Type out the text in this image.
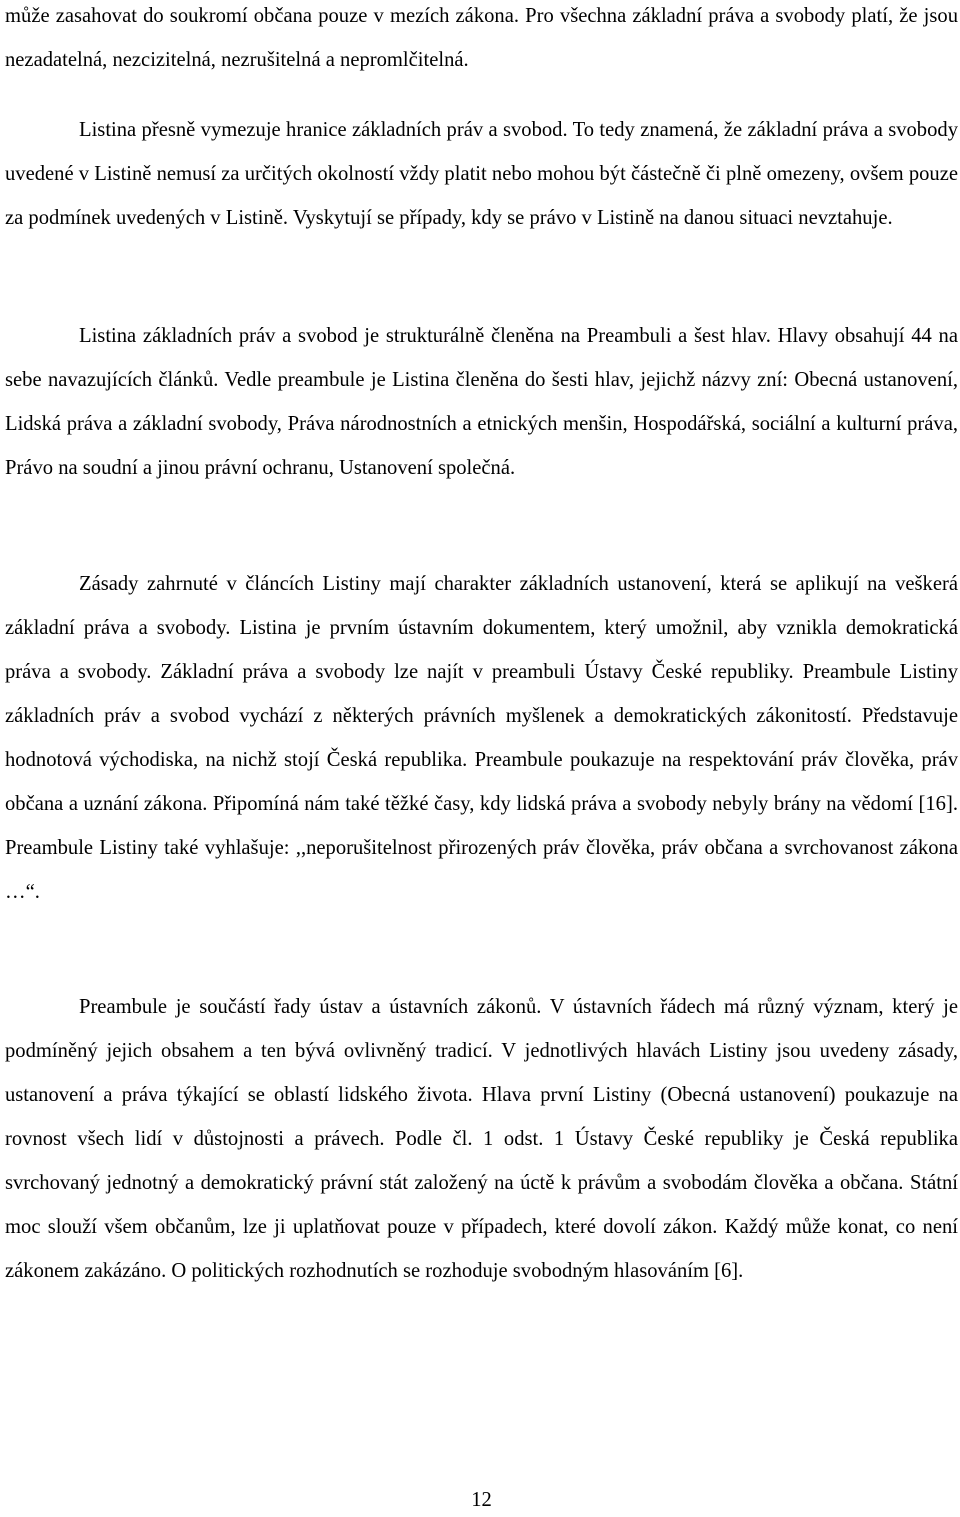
může zasahovat do soukromí občana pouze v mezích zákona. Pro všechna základní práva a svobody platí, že jsou nezadatelná, nezcizitelná, nezrušitelná a nepromlčitelná.

Listina přesně vymezuje hranice základních práv a svobod. To tedy znamená, že základní práva a svobody uvedené v Listině nemusí za určitých okolností vždy platit nebo mohou být částečně či plně omezeny, ovšem pouze za podmínek uvedených v Listině. Vyskytují se případy, kdy se právo v Listině na danou situaci nevztahuje.

Listina základních práv a svobod je strukturálně členěna na Preambuli a šest hlav. Hlavy obsahují 44 na sebe navazujících článků. Vedle preambule je Listina členěna do šesti hlav, jejichž názvy zní: Obecná ustanovení, Lidská práva a základní svobody, Práva národnostních a etnických menšin, Hospodářská, sociální a kulturní práva, Právo na soudní a jinou právní ochranu, Ustanovení společná.

Zásady zahrnuté v článcích Listiny mají charakter základních ustanovení, která se aplikují na veškerá základní práva a svobody. Listina je prvním ústavním dokumentem, který umožnil, aby vznikla demokratická práva a svobody. Základní práva a svobody lze najít v preambuli Ústavy České republiky. Preambule Listiny základních práv a svobod vychází z některých právních myšlenek a demokratických zákonitostí. Představuje hodnotová východiska, na nichž stojí Česká republika. Preambule poukazuje na respektování práv člověka, práv občana a uznání zákona. Připomíná nám také těžké časy, kdy lidská práva a svobody nebyly brány na vědomí [16]. Preambule Listiny také vyhlašuje: ,,neporušitelnost přirozených práv člověka, práv občana a svrchovanost zákona …“.

Preambule je součástí řady ústav a ústavních zákonů. V ústavních řádech má různý význam, který je podmíněný jejich obsahem a ten bývá ovlivněný tradicí. V jednotlivých hlavách Listiny jsou uvedeny zásady, ustanovení a práva týkající se oblastí lidského života. Hlava první Listiny (Obecná ustanovení) poukazuje na rovnost všech lidí v důstojnosti a právech. Podle čl. 1 odst. 1 Ústavy České republiky je Česká republika svrchovaný jednotný a demokratický právní stát založený na úctě k právům a svobodám člověka a občana. Státní moc slouží všem občanům, lze ji uplatňovat pouze v případech, které dovolí zákon. Každý může konat, co není zákonem zakázáno. O politických rozhodnutích se rozhoduje svobodným hlasováním [6].

12
